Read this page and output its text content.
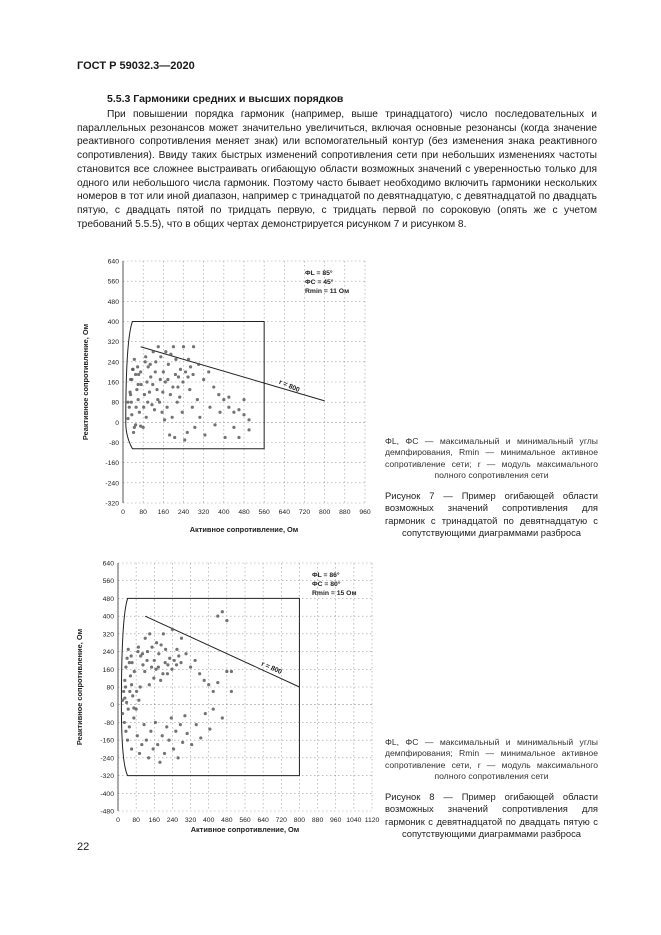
ГОСТ Р 59032.3—2020
5.5.3 Гармоники средних и высших порядков
При повышении порядка гармоник (например, выше тринадцатого) число последовательных и параллельных резонансов может значительно увеличиться, включая основные резонансы (когда значение реактивного сопротивления меняет знак) или вспомогательный контур (без изменения знака реактивного сопротивления). Ввиду таких быстрых изменений сопротивления сети при небольших изменениях частоты становится все сложнее выстраивать огибающую области возможных значений с уверенностью только для одного или небольшого числа гармоник. Поэтому часто бывает необходимо включить гармоники нескольких номеров в тот или иной диапазон, например с тринадцатой по девятнадцатую, с девятнадцатой по двадцать пятую, с двадцать пятой по тридцать первую, с тридцать первой по сороковую (опять же с учетом требований 5.5.5), что в общих чертах демонстрируется рисунком 7 и рисунком 8.
0 80 160 240 320 400 480 560 640 720 800 880 960
640
560
480
400
320
240
160
80
0
-80
-160
-240
-320
Активное сопротивление, Ом
Реактивное сопротивление, Ом	r = 800
ΦL = 85°
ΦC = 45°
Rmin = 11 Ом
0 80 160 240 320 400 480 560 640 720 800 880 960 1040 1120
640
560
480
400
320
240
160
80
0
-80
-160
-240
-320
-400
-480
Активное сопротивление, Ом
Реактивное сопротивление, Ом	r = 800
ΦL = 86°
ΦC = 80°
Rmin = 15 Ом
ΦL, ΦC — максимальный и минимальный углы демпфирования, Rmin — минимальное активное сопротивление сети; r — модуль максимального полного сопротивления сети
Рисунок 7 — Пример огибающей области возможных значений сопротивления для гармоник с тринадцатой по девятнадцатую с сопутствующими диаграммами разброса
ΦL, ΦC — максимальный и минимальный углы демпфирования; Rmin — минимальное активное сопротивление сети, r — модуль максимального полного сопротивления сети
Рисунок 8 — Пример огибающей области возможных значений сопротивления для гармоник с девятнадцатой по двадцать пятую с сопутствующими диаграммами разброса
22
